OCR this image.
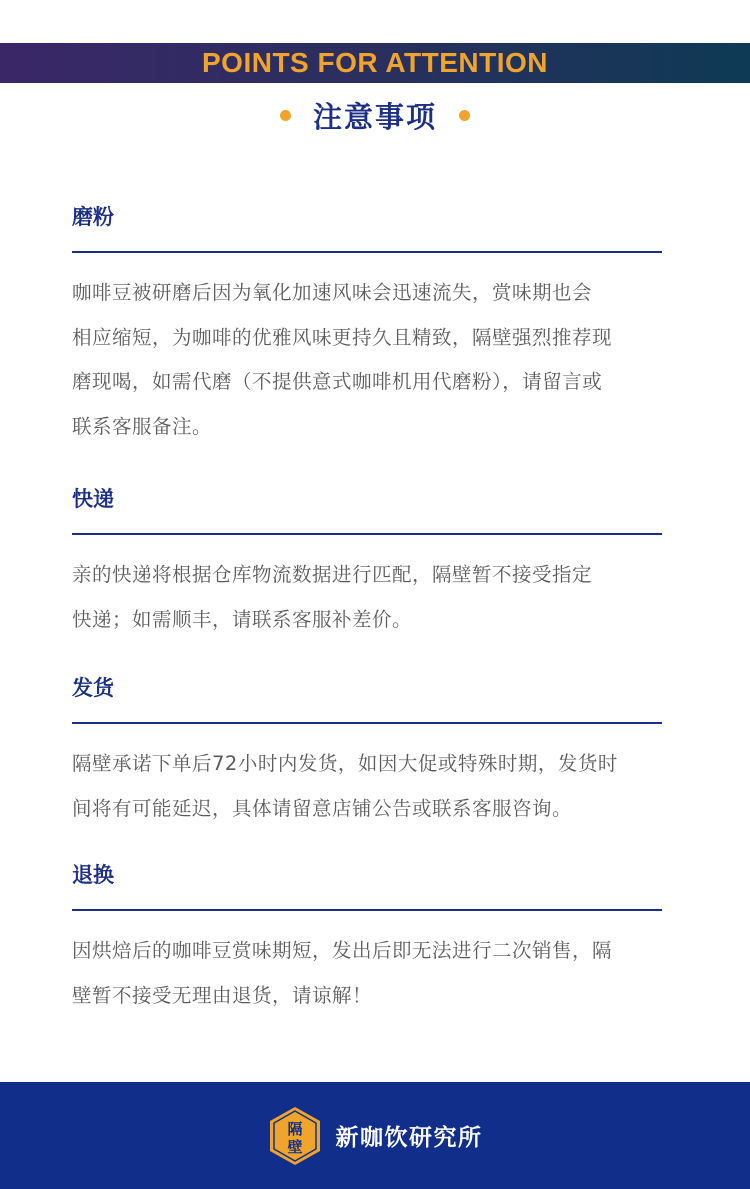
POINTS FOR ATTENTION
注意事项
磨粉
咖啡豆被研磨后因为氧化加速风味会迅速流失，赏味期也会
相应缩短，为咖啡的优雅风味更持久且精致，隔壁强烈推荐现
磨现喝，如需代磨（不提供意式咖啡机用代磨粉），请留言或
联系客服备注。
快递
亲的快递将根据仓库物流数据进行匹配，隔壁暂不接受指定
快递；如需顺丰，请联系客服补差价。
发货
隔壁承诺下单后72小时内发货，如因大促或特殊时期，发货时
间将有可能延迟，具体请留意店铺公告或联系客服咨询。
退换
因烘焙后的咖啡豆赏味期短，发出后即无法进行二次销售，隔
壁暂不接受无理由退货，请谅解！
隔
壁 新咖饮研究所
